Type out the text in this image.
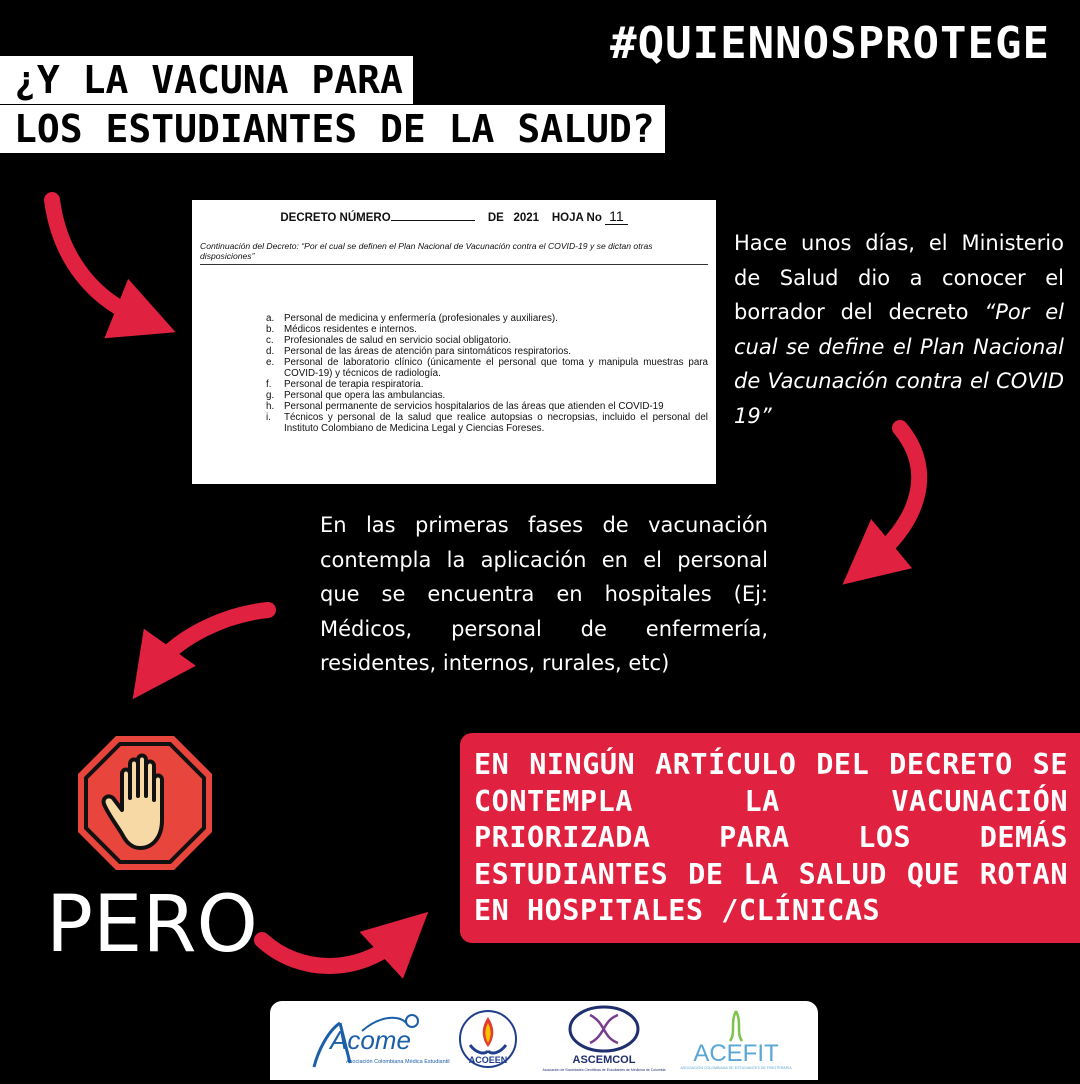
#QUIENNOSPROTEGE
¿Y LA VACUNA PARA
LOS ESTUDIANTES DE LA SALUD?
DECRETO NÚMERO	DE 2021 HOJA No 11
Continuación del Decreto: “Por el cual se definen el Plan Nacional de Vacunación contra el COVID-19 y se dictan otras disposiciones”
a.	Personal de medicina y enfermería (profesionales y auxiliares).
b.	Médicos residentes e internos.
c.	Profesionales de salud en servicio social obligatorio.
d.	Personal de las áreas de atención para sintomáticos respiratorios.
e.	Personal de laboratorio clínico (únicamente el personal que toma y manipula muestras para COVID-19) y técnicos de radiología.
f.	Personal de terapia respiratoria.
g.	Personal que opera las ambulancias.
h.	Personal permanente de servicios hospitalarios de las áreas que atienden el COVID-19
i.	Técnicos y personal de la salud que realice autopsias o necropsias, incluido el personal del Instituto Colombiano de Medicina Legal y Ciencias Foreses.
Hace unos días, el Ministerio de Salud dio a conocer el borrador del decreto “Por el cual se define el Plan Nacional de Vacunación contra el COVID 19”
En las primeras fases de vacunación contempla la aplicación en el personal que se encuentra en hospitales (Ej: Médicos, personal de enfermería, residentes, internos, rurales, etc)
PERO
EN NINGÚN ARTÍCULO DEL DECRETO SE CONTEMPLA LA VACUNACIÓN PRIORIZADA PARA LOS DEMÁS ESTUDIANTES DE LA SALUD QUE ROTAN EN HOSPITALES /CLÍNICAS
Acome
Asociación Colombiana Médica Estudiantil ACOEEN	ASCEMCOL
Asociación de Sociedades Científicas de Estudiantes de Medicina de Colombia
ACEFIT
ASOCIACIÓN COLOMBIANA DE ESTUDIANTES DE FISIOTERAPIA
